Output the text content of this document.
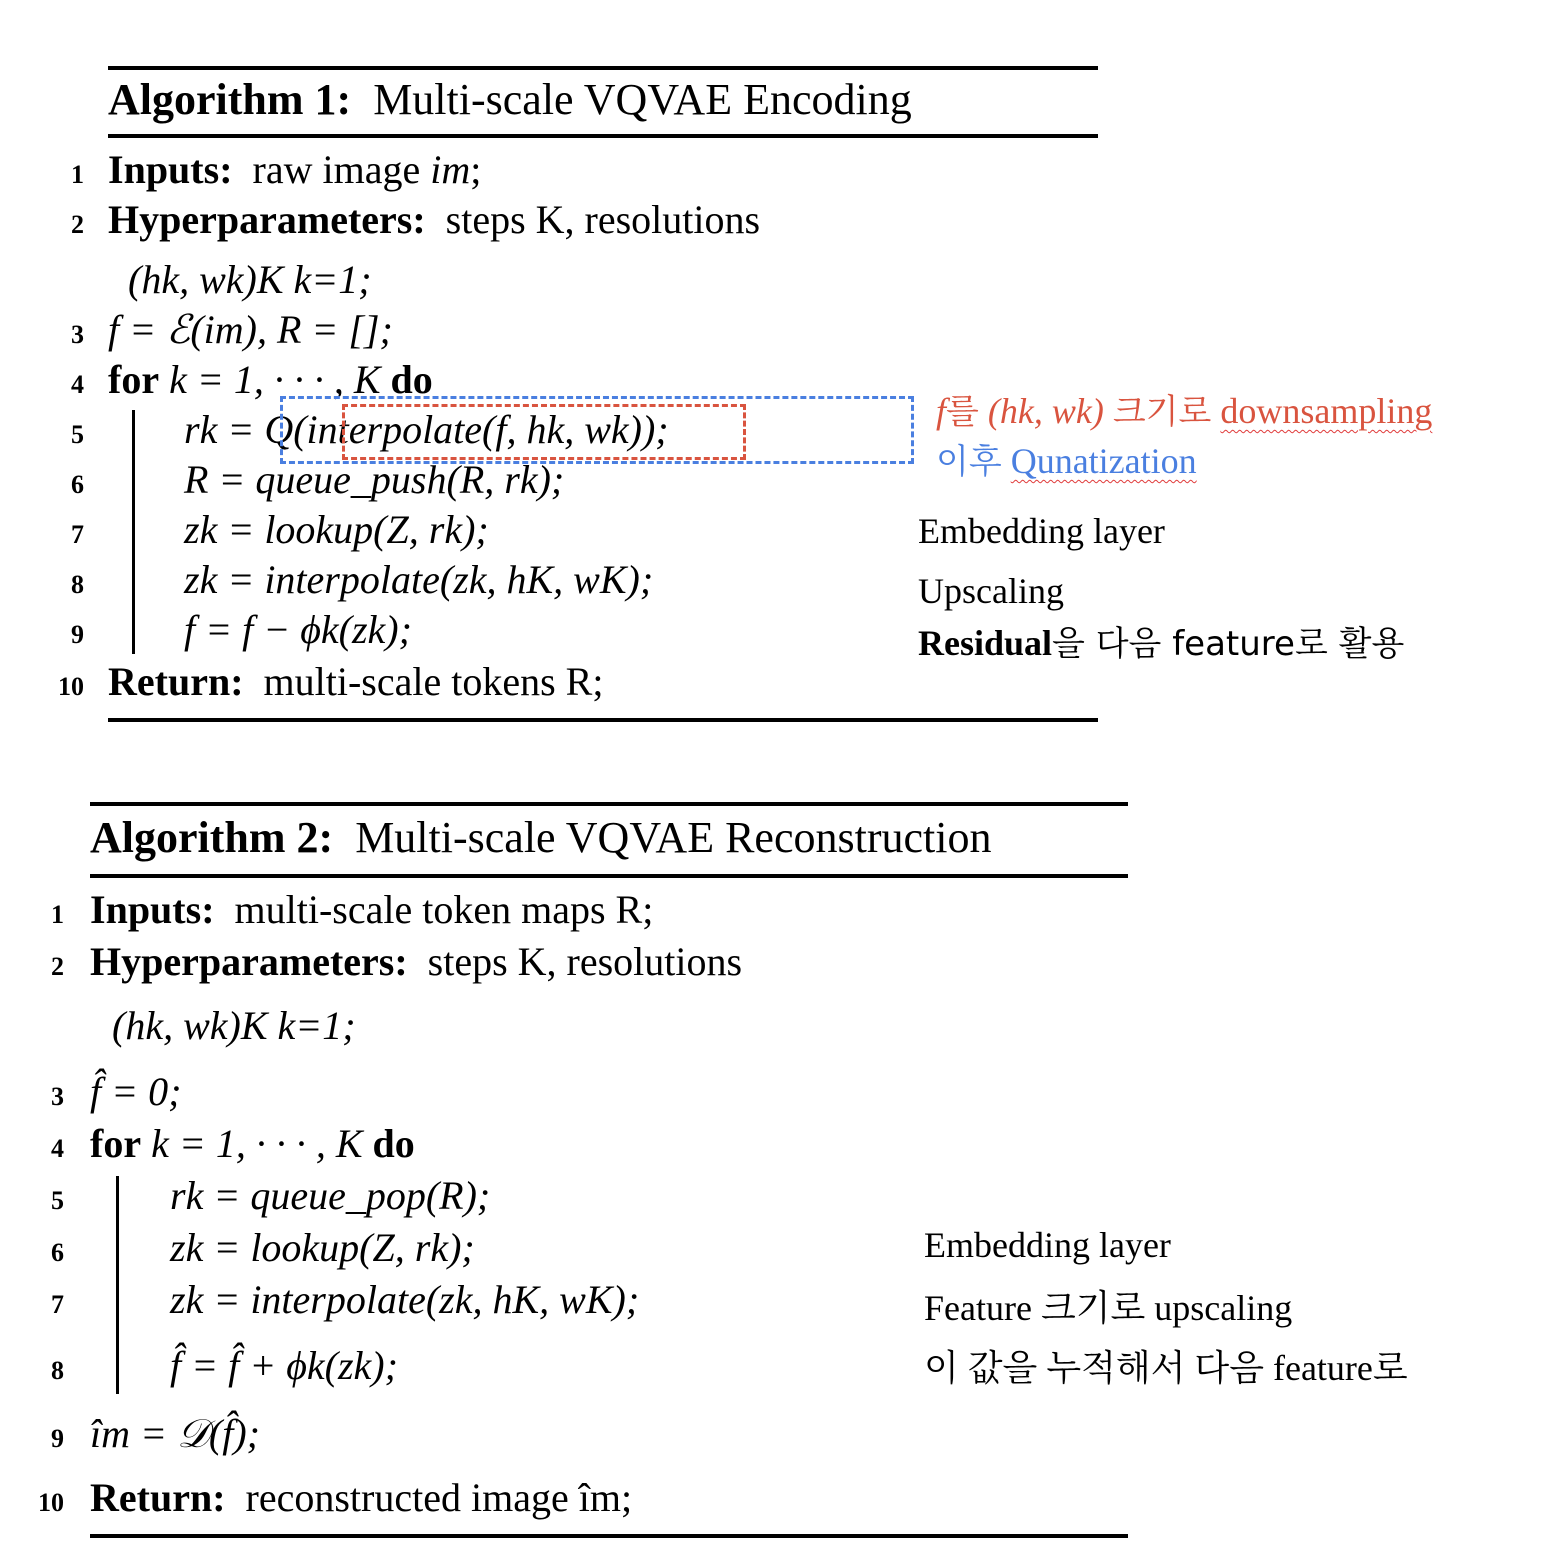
Algorithm 1: Multi-scale VQVAE Encoding
1
2
3
4
5
6
7
8
9
10
Inputs: raw image im;
Hyperparameters: steps K, resolutions
(hk, wk)K k=1;
f = ℰ(im), R = [];
for k = 1, · · · , K do
rk = Q(interpolate(f, hk, wk));
R = queue_push(R, rk);
zk = lookup(Z, rk);
zk = interpolate(zk, hK, wK);
f = f − ϕk(zk);
Return: multi-scale tokens R;
f를 (hk, wk) 크기로 downsampling
이후 Qunatization
Embedding layer
Upscaling
Residual을 다음 feature로 활용
Algorithm 2: Multi-scale VQVAE Reconstruction
1
2
3
4
5
6
7
8
9
10
Inputs: multi-scale token maps R;
Hyperparameters: steps K, resolutions
(hk, wk)K k=1;
f̂ = 0;
for k = 1, · · · , K do
rk = queue_pop(R);
zk = lookup(Z, rk);
zk = interpolate(zk, hK, wK);
f̂ = f̂ + ϕk(zk);
îm = 𝒟(f̂);
Return: reconstructed image îm;
Embedding layer
Feature 크기로 upscaling
이 값을 누적해서 다음 feature로
